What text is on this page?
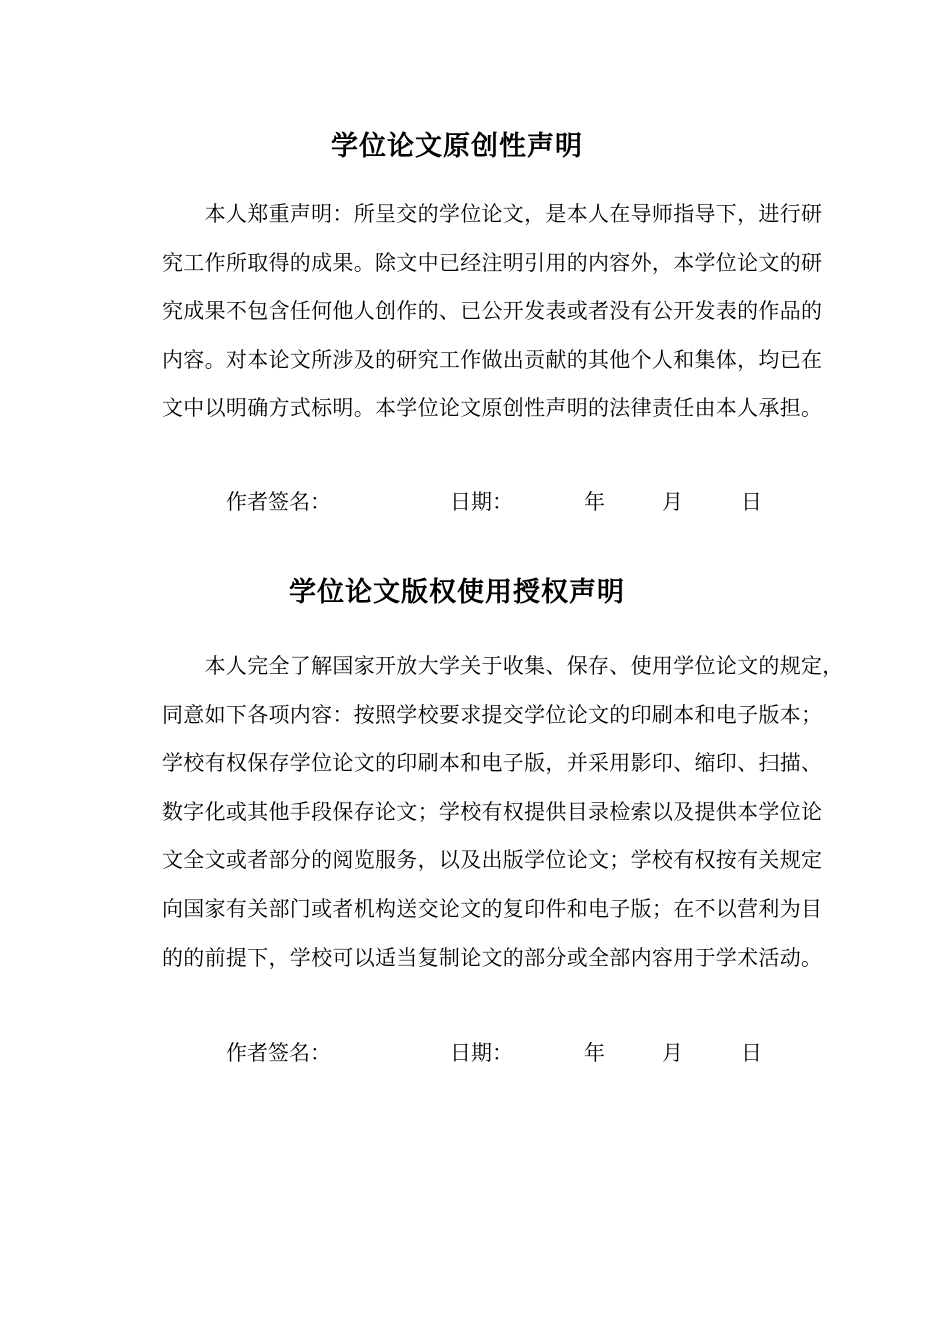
学位论文原创性声明

　　本人郑重声明：所呈交的学位论文，是本人在导师指导下，进行研
究工作所取得的成果。除文中已经注明引用的内容外，本学位论文的研
究成果不包含任何他人创作的、已公开发表或者没有公开发表的作品的
内容。对本论文所涉及的研究工作做出贡献的其他个人和集体，均已在
文中以明确方式标明。本学位论文原创性声明的法律责任由本人承担。

作者签名：	日期：	年	月	日
学位论文版权使用授权声明

　　本人完全了解国家开放大学关于收集、保存、使用学位论文的规定，
同意如下各项内容：按照学校要求提交学位论文的印刷本和电子版本；
学校有权保存学位论文的印刷本和电子版，并采用影印、缩印、扫描、
数字化或其他手段保存论文；学校有权提供目录检索以及提供本学位论
文全文或者部分的阅览服务，以及出版学位论文；学校有权按有关规定
向国家有关部门或者机构送交论文的复印件和电子版；在不以营利为目
的的前提下，学校可以适当复制论文的部分或全部内容用于学术活动。

作者签名：	日期：	年	月	日
